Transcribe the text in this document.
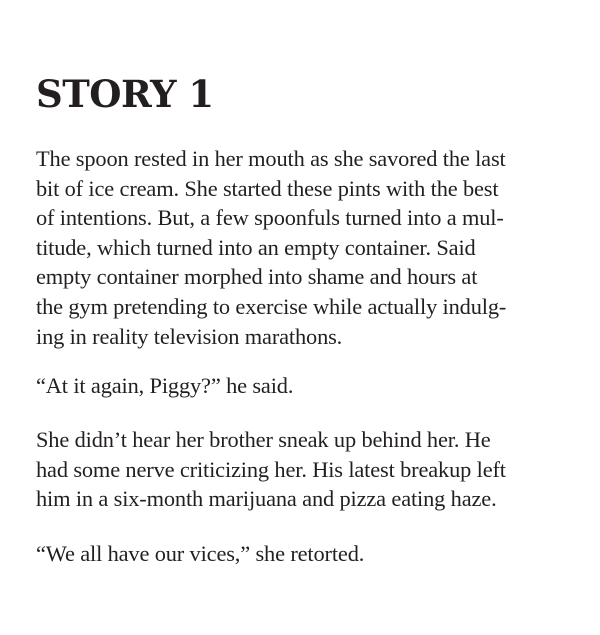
STORY 1

The spoon rested in her mouth as she savored the last
bit of ice cream. She started these pints with the best
of intentions. But, a few spoonfuls turned into a mul-
titude, which turned into an empty container. Said
empty container morphed into shame and hours at
the gym pretending to exercise while actually indulg-
ing in reality television marathons.

“At it again, Piggy?” he said.

She didn’t hear her brother sneak up behind her. He
had some nerve criticizing her. His latest breakup left
him in a six-month marijuana and pizza eating haze.

“We all have our vices,” she retorted.
